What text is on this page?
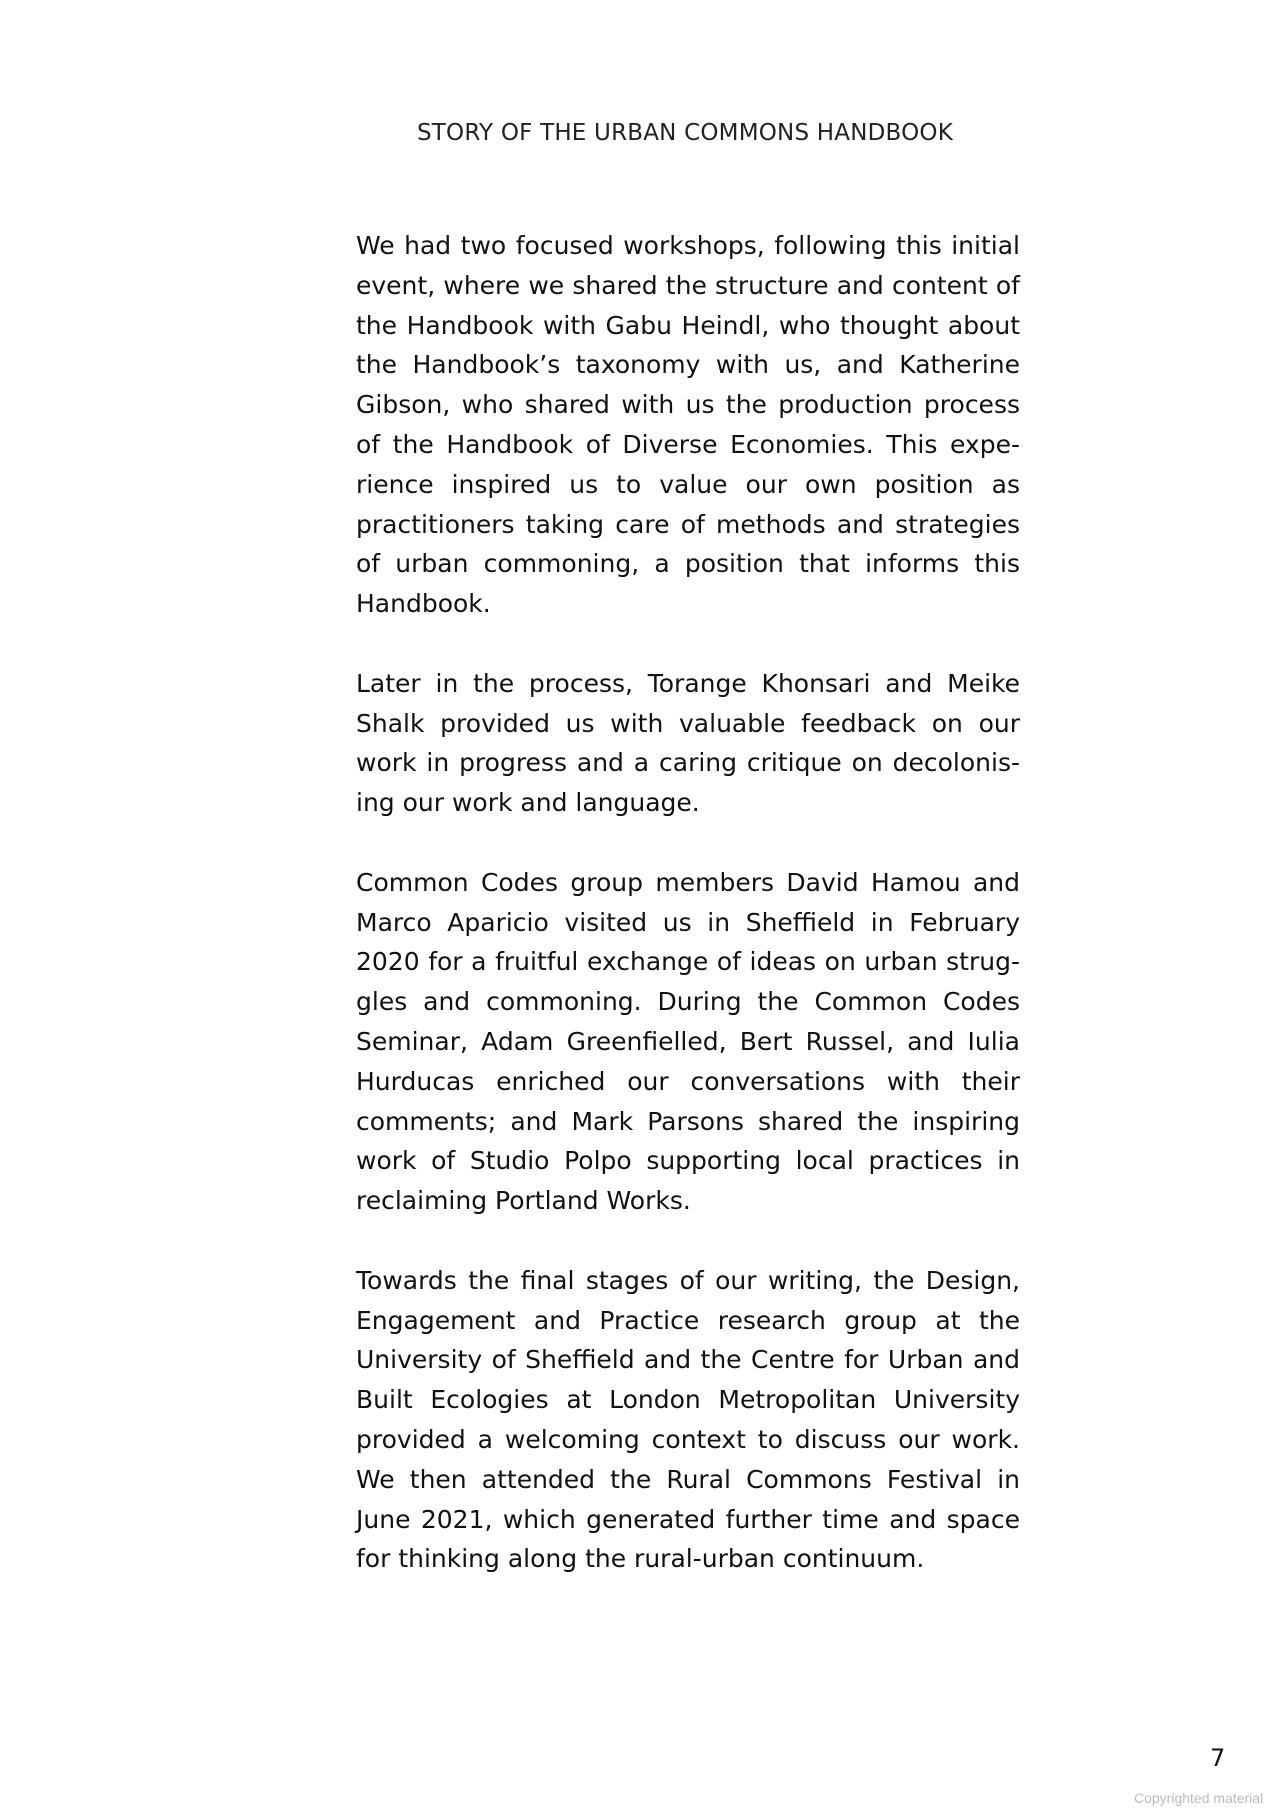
STORY OF THE URBAN COMMONS HANDBOOK
We had two focused workshops, following this initial
event, where we shared the structure and content of
the Handbook with Gabu Heindl, who thought about
the Handbook’s taxonomy with us, and Katherine
Gibson, who shared with us the production process
of the Handbook of Diverse Economies. This expe-
rience inspired us to value our own position as
practitioners taking care of methods and strategies
of urban commoning, a position that informs this
Handbook.
Later in the process, Torange Khonsari and Meike
Shalk provided us with valuable feedback on our
work in progress and a caring critique on decolonis-
ing our work and language.
Common Codes group members David Hamou and
Marco Aparicio visited us in Sheffield in February
2020 for a fruitful exchange of ideas on urban strug-
gles and commoning. During the Common Codes
Seminar, Adam Greenfielled, Bert Russel, and Iulia
Hurducas enriched our conversations with their
comments; and Mark Parsons shared the inspiring
work of Studio Polpo supporting local practices in
reclaiming Portland Works.
Towards the final stages of our writing, the Design,
Engagement and Practice research group at the
University of Sheffield and the Centre for Urban and
Built Ecologies at London Metropolitan University
provided a welcoming context to discuss our work.
We then attended the Rural Commons Festival in
June 2021, which generated further time and space
for thinking along the rural-urban continuum.
7
Copyrighted material
